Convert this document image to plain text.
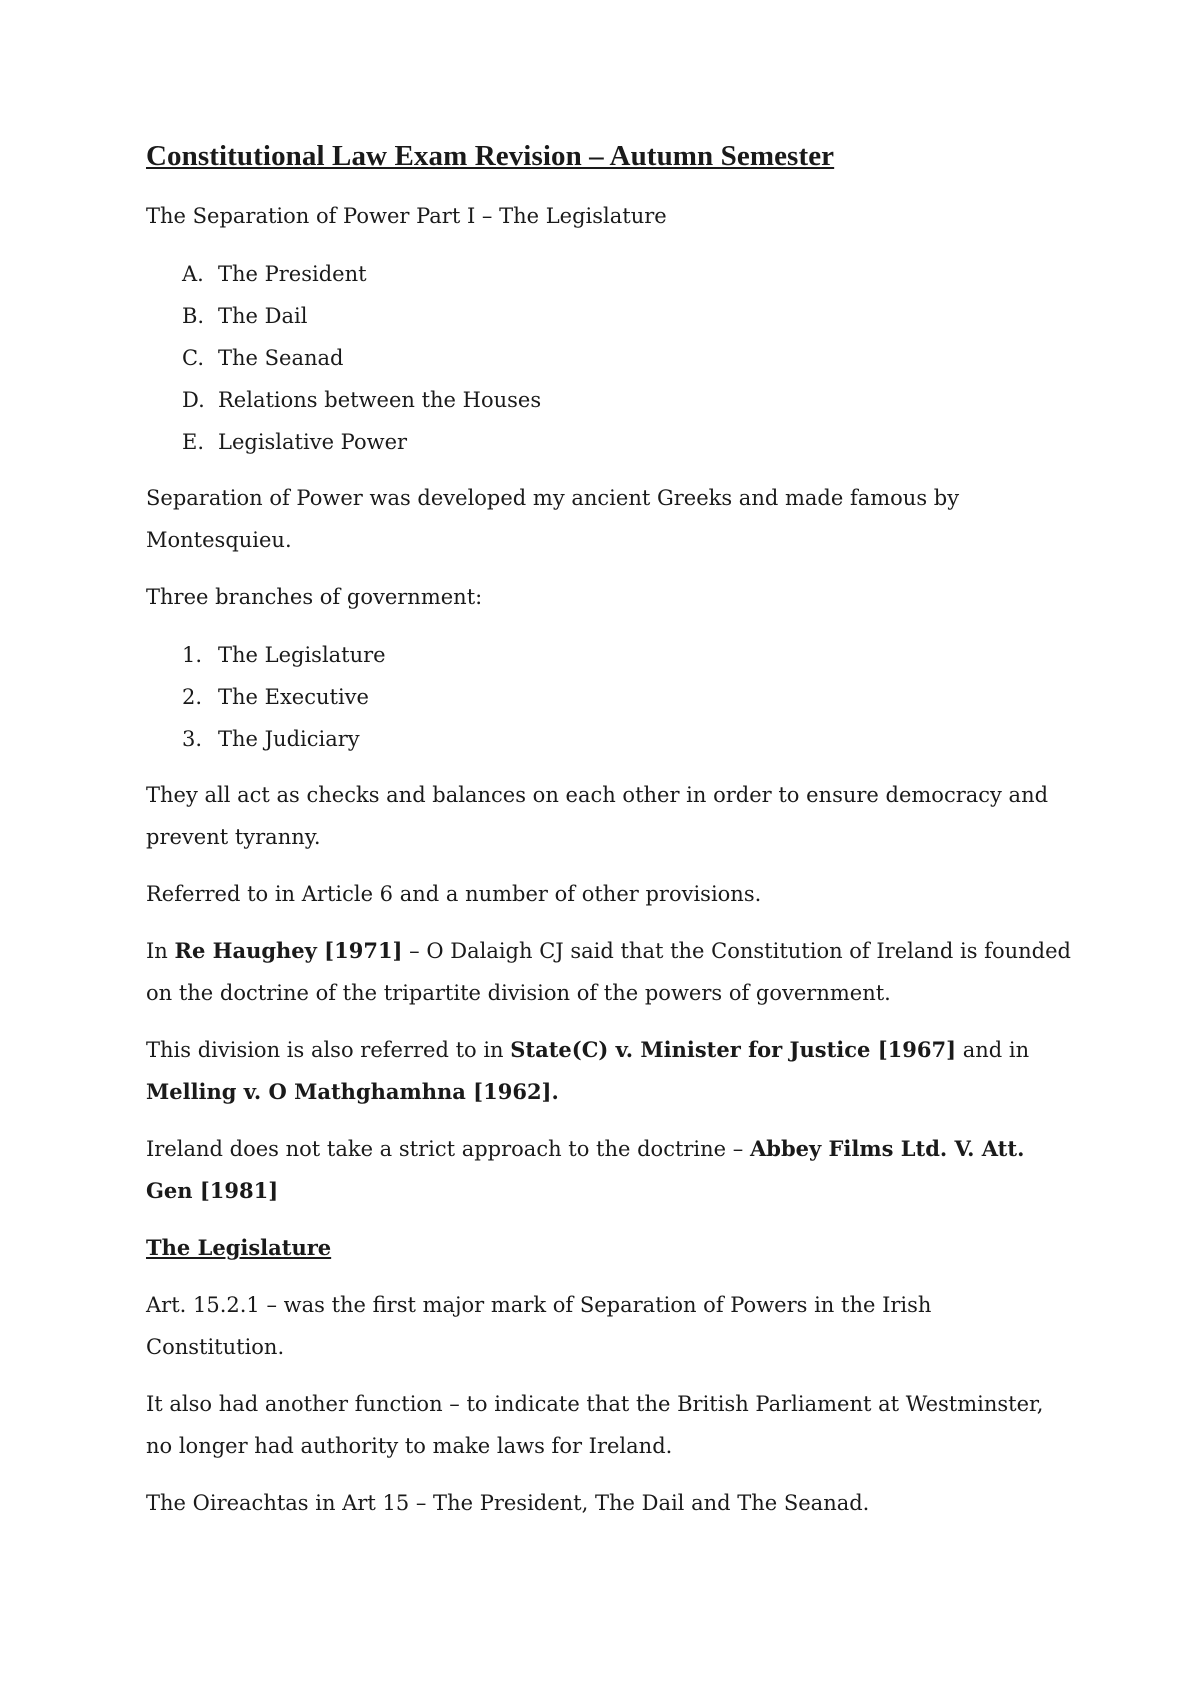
Constitutional Law Exam Revision – Autumn Semester

The Separation of Power Part I – The Legislature

A. The President
B. The Dail
C. The Seanad
D. Relations between the Houses
E. Legislative Power

Separation of Power was developed my ancient Greeks and made famous by Montesquieu.

Three branches of government:

1. The Legislature
2. The Executive
3. The Judiciary

They all act as checks and balances on each other in order to ensure democracy and prevent tyranny.

Referred to in Article 6 and a number of other provisions.

In Re Haughey [1971] – O Dalaigh CJ said that the Constitution of Ireland is founded on the doctrine of the tripartite division of the powers of government.

This division is also referred to in State(C) v. Minister for Justice [1967] and in Melling v. O Mathghamhna [1962].

Ireland does not take a strict approach to the doctrine – Abbey Films Ltd. V. Att. Gen [1981]

The Legislature

Art. 15.2.1 – was the first major mark of Separation of Powers in the Irish Constitution.

It also had another function – to indicate that the British Parliament at Westminster, no longer had authority to make laws for Ireland.

The Oireachtas in Art 15 – The President, The Dail and The Seanad.
